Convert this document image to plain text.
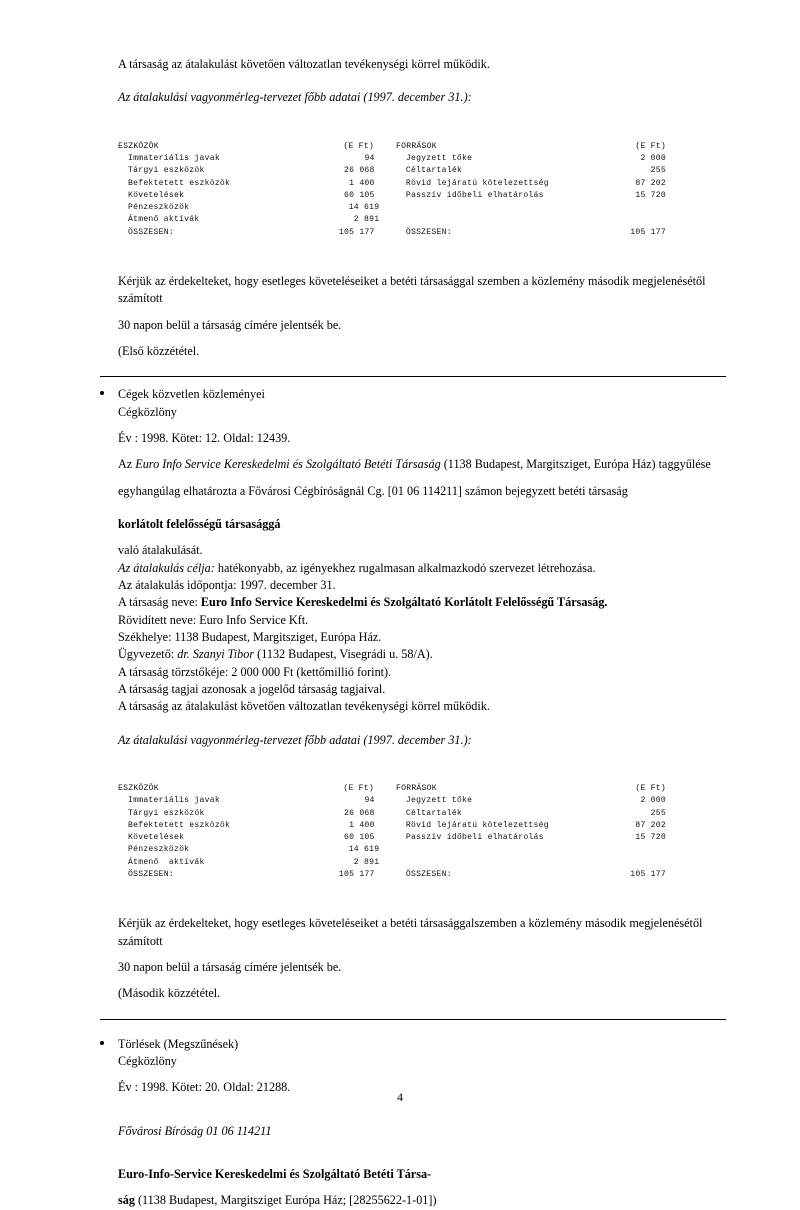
A társaság az átalakulást követően változatlan tevékenységi körrel működik.

Az átalakulási vagyonmérleg-tervezet főbb adatai (1997. december 31.):

ESZKÖZÖK	(E Ft)	FORRÁSOK	(E Ft)
Immateriális javak	94	Jegyzett tőke	2 000
Tárgyi eszközök	26 068	Céltartalék	255
Befektetett eszközök	1 400	Rövid lejáratú kötelezettség	87 202
Követelések	60 105	Passzív időbeli elhatárolás	15 720
Pénzeszközök	14 619
Átmenő aktívák	2 891
ÖSSZESEN:	105 177	ÖSSZESEN:	105 177

Kérjük az érdekelteket, hogy esetleges követeléseiket a betéti társasággal szemben a közlemény második megjelenésétől számított

30 napon belül a társaság címére jelentsék be.

(Első közzététel.

Cégek közvetlen közleményei

Cégközlöny

Év : 1998. Kötet: 12. Oldal: 12439.

Az Euro Info Service Kereskedelmi és Szolgáltató Betéti Társaság (1138 Budapest, Margitsziget, Európa Ház) taggyűlése

egyhangúlag elhatározta a Fővárosi Cégbíróságnál Cg. [01 06 114211] számon bejegyzett betéti társaság

korlátolt felelősségű társasággá

való átalakulását.

Az átalakulás célja: hatékonyabb, az igényekhez rugalmasan alkalmazkodó szervezet létrehozása.

Az átalakulás időpontja: 1997. december 31.

A társaság neve: Euro Info Service Kereskedelmi és Szolgáltató Korlátolt Felelősségű Társaság.

Rövidített neve: Euro Info Service Kft.

Székhelye: 1138 Budapest, Margitsziget, Európa Ház.

Ügyvezető: dr. Szanyi Tibor (1132 Budapest, Visegrádi u. 58/A).

A társaság törzstőkéje: 2 000 000 Ft (kettőmillió forint).

A társaság tagjai azonosak a jogelőd társaság tagjaival.

A társaság az átalakulást követően változatlan tevékenységi körrel működik.

Az átalakulási vagyonmérleg-tervezet főbb adatai (1997. december 31.):

ESZKÖZÖK	(E Ft)	FORRÁSOK	(E Ft)
Immateriális javak	94	Jegyzett tőke	2 000
Tárgyi eszközök	26 068	Céltartalék	255
Befektetett eszközök	1 400	Rövid lejáratú kötelezettség	87 202
Követelések	60 105	Passzív időbeli elhatárolás	15 720
Pénzeszközök	14 619
Átmenő  aktívák	2 891
ÖSSZESEN:	105 177	ÖSSZESEN:	105 177

Kérjük az érdekelteket, hogy esetleges követeléseiket a betéti társasággalszemben a közlemény második megjelenésétől számított

30 napon belül a társaság címére jelentsék be.

(Második közzététel.

Törlések (Megszűnések)

Cégközlöny

Év : 1998. Kötet: 20. Oldal: 21288.

Fővárosi Bíróság 01 06 114211

Euro-Info-Service Kereskedelmi és Szolgáltató Betéti Társa-

ság (1138 Budapest, Margitsziget Európa Ház; [28255622-1-01])

4
